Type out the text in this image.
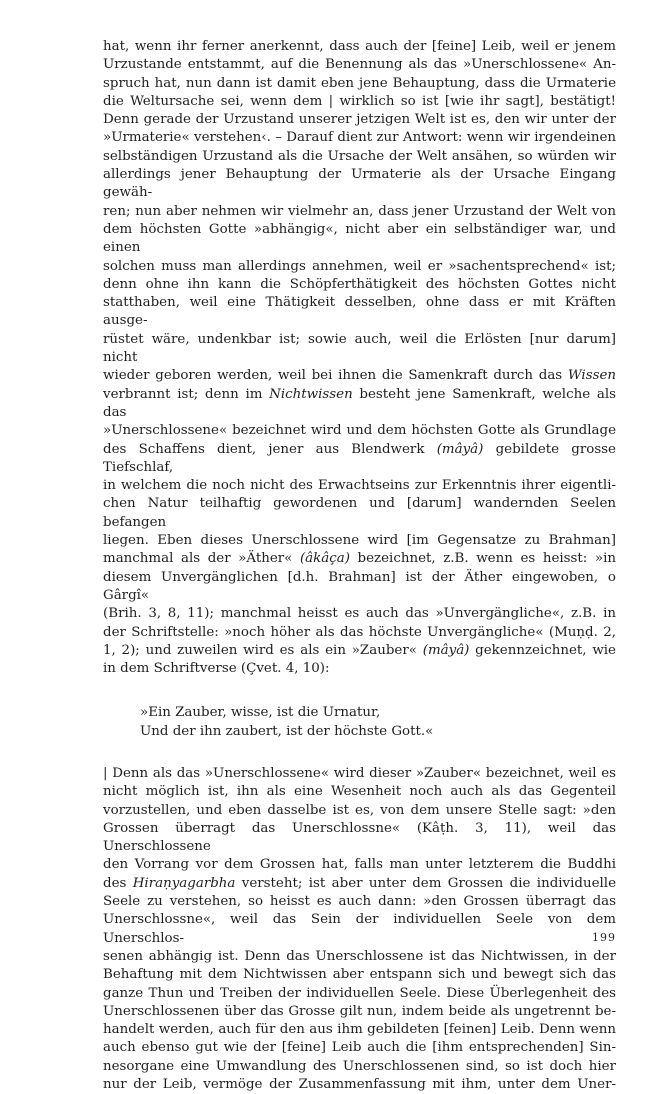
hat, wenn ihr ferner anerkennt, dass auch der [feine] Leib, weil er jenem
Urzustande entstammt, auf die Benennung als das »Unerschlossene« An-
spruch hat, nun dann ist damit eben jene Behauptung, dass die Urmaterie
die Weltursache sei, wenn dem | wirklich so ist [wie ihr sagt], bestätigt!
Denn gerade der Urzustand unserer jetzigen Welt ist es, den wir unter der
»Urmaterie« verstehen‹. – Darauf dient zur Antwort: wenn wir irgendeinen
selbständigen Urzustand als die Ursache der Welt ansähen, so würden wir
allerdings jener Behauptung der Urmaterie als der Ursache Eingang gewäh-
ren; nun aber nehmen wir vielmehr an, dass jener Urzustand der Welt von
dem höchsten Gotte »abhängig«, nicht aber ein selbständiger war, und einen
solchen muss man allerdings annehmen, weil er »sachentsprechend« ist;
denn ohne ihn kann die Schöpferthätigkeit des höchsten Gottes nicht
statthaben, weil eine Thätigkeit desselben, ohne dass er mit Kräften ausge-
rüstet wäre, undenkbar ist; sowie auch, weil die Erlösten [nur darum] nicht
wieder geboren werden, weil bei ihnen die Samenkraft durch das Wissen
verbrannt ist; denn im Nichtwissen besteht jene Samenkraft, welche als das
»Unerschlossene« bezeichnet wird und dem höchsten Gotte als Grundlage
des Schaffens dient, jener aus Blendwerk (mâyâ) gebildete grosse Tiefschlaf,
in welchem die noch nicht des Erwachtseins zur Erkenntnis ihrer eigentli-
chen Natur teilhaftig gewordenen und [darum] wandernden Seelen befangen
liegen. Eben dieses Unerschlossene wird [im Gegensatze zu Brahman]
manchmal als der »Äther« (âkâça) bezeichnet, z.B. wenn es heisst: »in
diesem Unvergänglichen [d.h. Brahman] ist der Äther eingewoben, o Gârgî«
(Brih. 3, 8, 11); manchmal heisst es auch das »Unvergängliche«, z.B. in
der Schriftstelle: »noch höher als das höchste Unvergängliche« (Muṇḍ. 2,
1, 2); und zuweilen wird es als ein »Zauber« (mâyâ) gekennzeichnet, wie
in dem Schriftverse (Çvet. 4, 10):
»Ein Zauber, wisse, ist die Urnatur,
Und der ihn zaubert, ist der höchste Gott.«
| Denn als das »Unerschlossene« wird dieser »Zauber« bezeichnet, weil es
nicht möglich ist, ihn als eine Wesenheit noch auch als das Gegenteil
vorzustellen, und eben dasselbe ist es, von dem unsere Stelle sagt: »den
Grossen überragt das Unerschlossne« (Kâṭh. 3, 11), weil das Unerschlossene
den Vorrang vor dem Grossen hat, falls man unter letzterem die Buddhi
des Hiraṇyagarbha versteht; ist aber unter dem Grossen die individuelle
Seele zu verstehen, so heisst es auch dann: »den Grossen überragt das
Unerschlossne«, weil das Sein der individuellen Seele von dem Unerschlos-
senen abhängig ist. Denn das Unerschlossene ist das Nichtwissen, in der
Behaftung mit dem Nichtwissen aber entspann sich und bewegt sich das
ganze Thun und Treiben der individuellen Seele. Diese Überlegenheit des
Unerschlossenen über das Grosse gilt nun, indem beide als ungetrennt be-
handelt werden, auch für den aus ihm gebildeten [feinen] Leib. Denn wenn
auch ebenso gut wie der [feine] Leib auch die [ihm entsprechenden] Sin-
nesorgane eine Umwandlung des Unerschlossenen sind, so ist doch hier
nur der Leib, vermöge der Zusammenfassung mit ihm, unter dem Uner-
199
